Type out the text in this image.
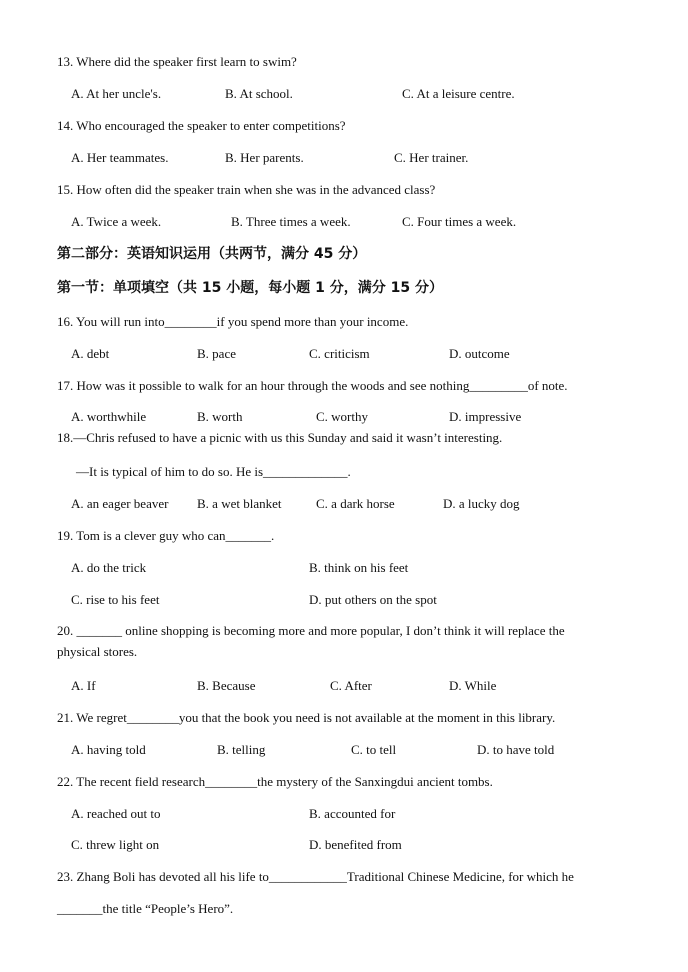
13. Where did the speaker first learn to swim?
A. At her uncle's.	B. At school.	C. At a leisure centre.
14. Who encouraged the speaker to enter competitions?
A. Her teammates.	B. Her parents.	C. Her trainer.
15. How often did the speaker train when she was in the advanced class?
A. Twice a week.	B. Three times a week.	C. Four times a week.
第二部分：英语知识运用（共两节，满分 45 分）
第一节：单项填空（共 15 小题，每小题 1 分，满分 15 分）
16. You will run into________if you spend more than your income.
A. debt	B. pace	C. criticism	D. outcome
17. How was it possible to walk for an hour through the woods and see nothing_________of note.
A. worthwhile	B. worth	C. worthy	D. impressive
18.—Chris refused to have a picnic with us this Sunday and said it wasn’t interesting.
—It is typical of him to do so. He is_____________.
A. an eager beaver B. a wet blanket	C. a dark horse	D. a lucky dog
19. Tom is a clever guy who can_______.
A. do the trick	B. think on his feet
C. rise to his feet	D. put others on the spot
20. _______ online shopping is becoming more and more popular, I don’t think it will replace the
physical stores.
A. If	B. Because	C. After	D. While
21. We regret________you that the book you need is not available at the moment in this library.
A. having told	B. telling	C. to tell	D. to have told
22. The recent field research________the mystery of the Sanxingdui ancient tombs.
A. reached out to	B. accounted for
C. threw light on	D. benefited from
23. Zhang Boli has devoted all his life to____________Traditional Chinese Medicine, for which he
_______the title “People’s Hero”.
